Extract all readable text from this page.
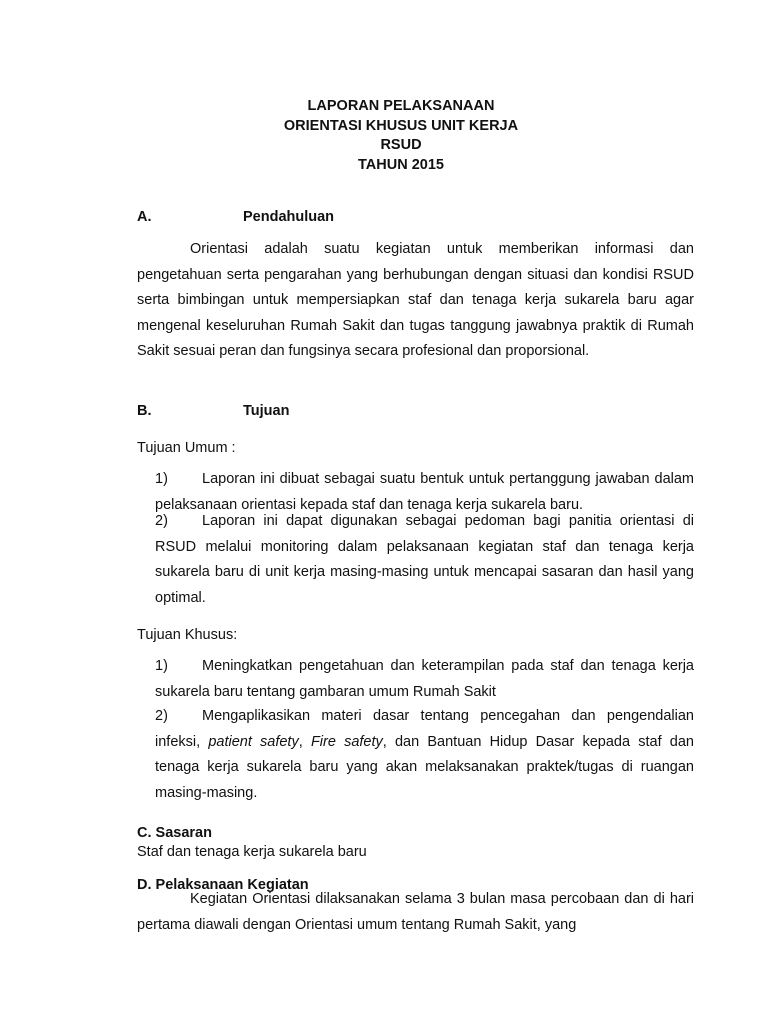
LAPORAN PELAKSANAAN
ORIENTASI KHUSUS UNIT KERJA
RSUD
TAHUN 2015
A.	Pendahuluan
Orientasi adalah suatu kegiatan untuk memberikan informasi dan pengetahuan serta pengarahan yang berhubungan dengan situasi dan kondisi RSUD serta bimbingan untuk mempersiapkan staf dan tenaga kerja sukarela baru agar mengenal keseluruhan Rumah Sakit dan tugas tanggung jawabnya praktik di Rumah Sakit sesuai peran dan fungsinya secara profesional dan proporsional.
B.	Tujuan
Tujuan Umum :
1) Laporan ini dibuat sebagai suatu bentuk untuk pertanggung jawaban dalam pelaksanaan orientasi kepada staf dan tenaga kerja sukarela baru.
2) Laporan ini dapat digunakan sebagai pedoman bagi panitia orientasi di RSUD melalui monitoring dalam pelaksanaan kegiatan staf dan tenaga kerja sukarela baru di unit kerja masing-masing untuk mencapai sasaran dan hasil yang optimal.
Tujuan Khusus:
1) Meningkatkan pengetahuan dan keterampilan pada staf dan tenaga kerja sukarela baru tentang gambaran umum Rumah Sakit
2) Mengaplikasikan materi dasar tentang pencegahan dan pengendalian infeksi, patient safety, Fire safety, dan Bantuan Hidup Dasar kepada staf dan tenaga kerja sukarela baru yang akan melaksanakan praktek/tugas di ruangan masing-masing.
C. Sasaran
Staf dan tenaga kerja sukarela baru
D. Pelaksanaan Kegiatan
Kegiatan Orientasi dilaksanakan selama 3 bulan masa percobaan dan di hari pertama diawali dengan Orientasi umum tentang Rumah Sakit, yang
